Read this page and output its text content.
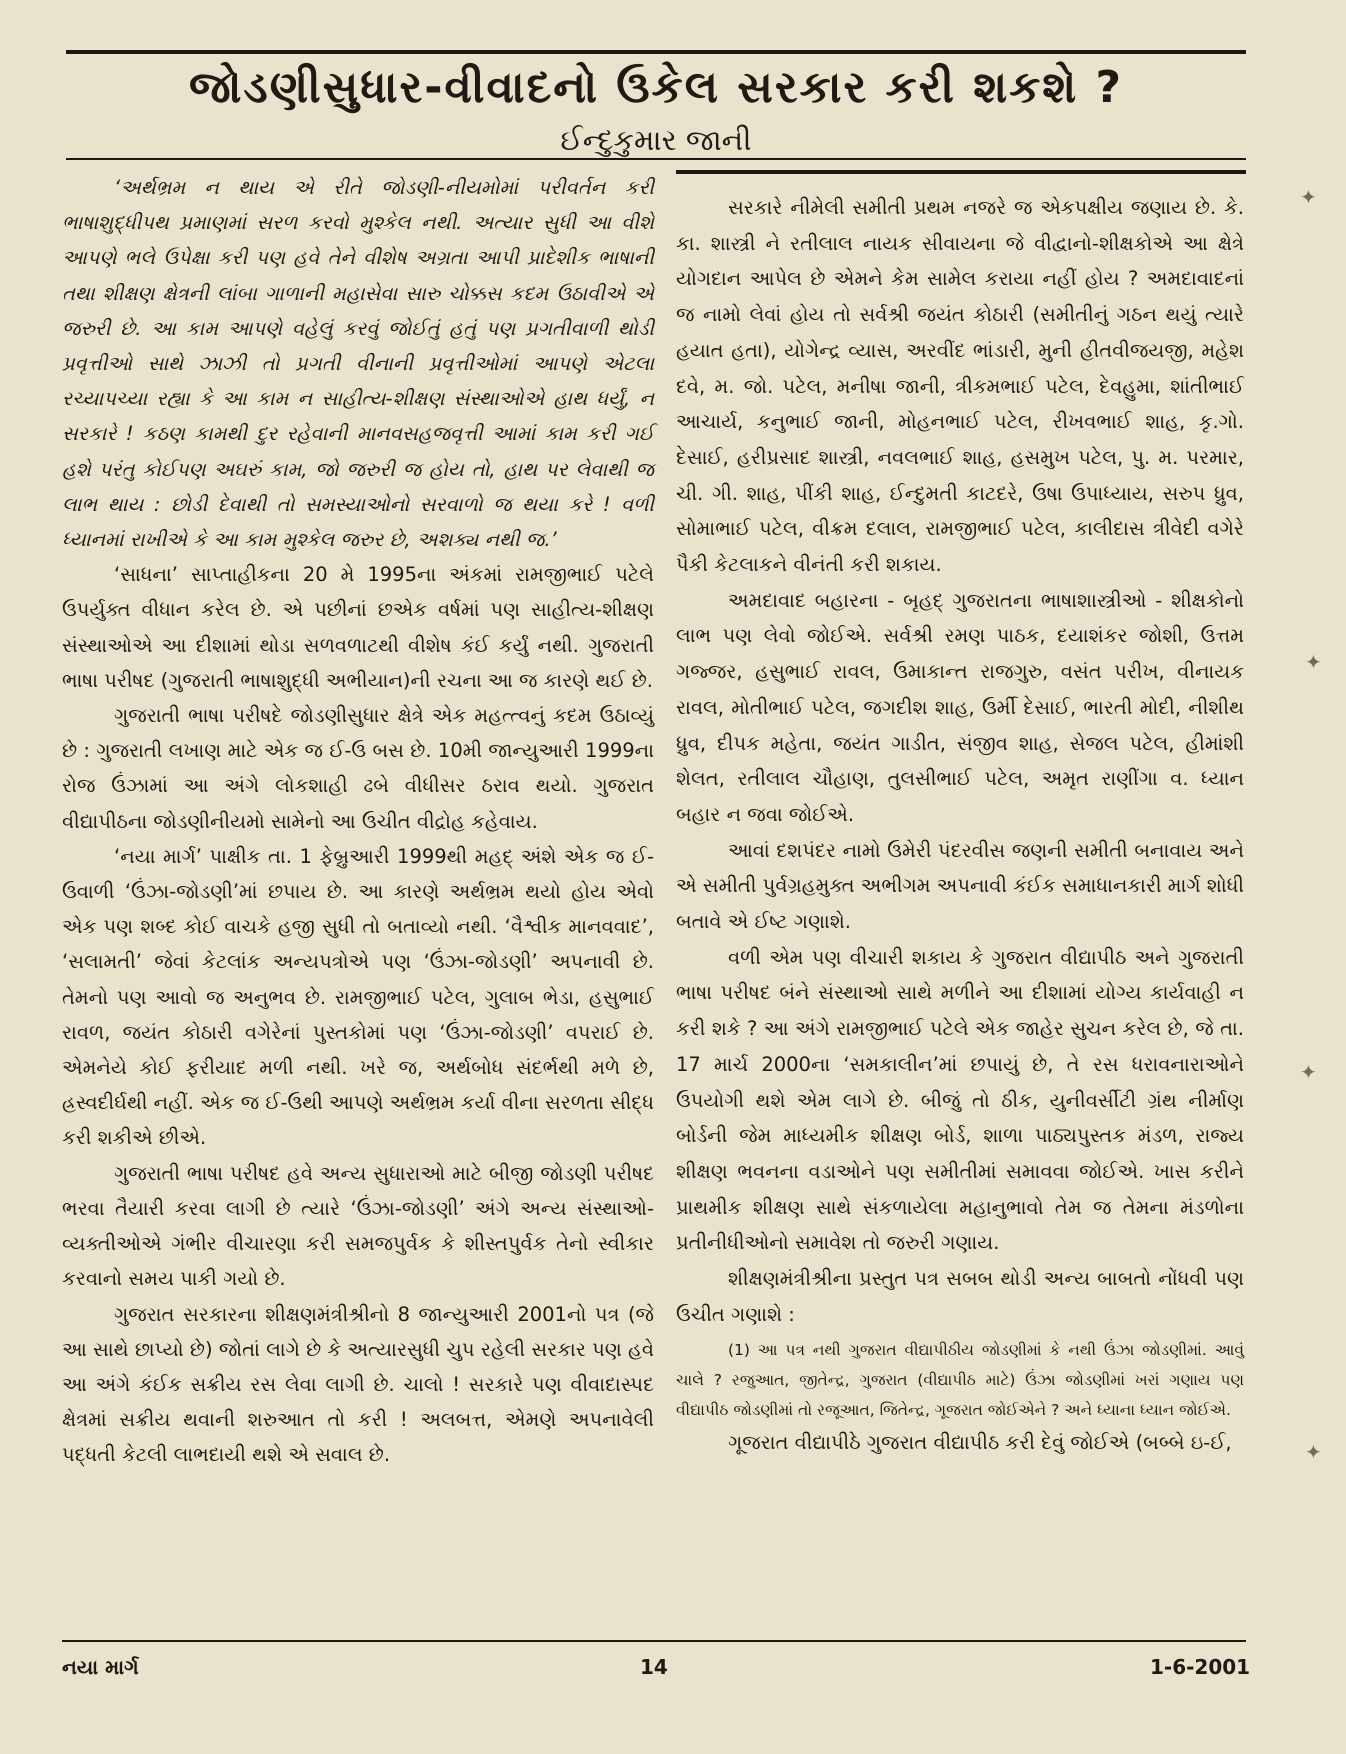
જોડણીસુધાર-વીવાદનો ઉકેલ સરકાર કરી શકશે ?
ઈન્દુકુમાર જાની

‘અર્થભ્રમ ન થાય એ રીતે જોડણી-નીયમોમાં પરીવર્તન કરી ભાષાશુદ્ધીપથ પ્રમાણમાં સરળ કરવો મુશ્કેલ નથી. અત્યાર સુધી આ વીશે આપણે ભલે ઉપેક્ષા કરી પણ હવે તેને વીશેષ અગ્રતા આપી પ્રાદેશીક ભાષાની તથા શીક્ષણ ક્ષેત્રની લાંબા ગાળાની મહાસેવા સારુ ચોક્કસ કદમ ઉઠાવીએ એ જરુરી છે. આ કામ આપણે વહેલું કરવું જોઈતું હતું પણ પ્રગતીવાળી થોડી પ્રવૃત્તીઓ સાથે ઝાઝી તો પ્રગતી વીનાની પ્રવૃત્તીઓમાં આપણે એટલા રચ્યાપચ્યા રહ્યા કે આ કામ ન સાહીત્ય-શીક્ષણ સંસ્થાઓએ હાથ ધર્યું, ન સરકારે ! કઠણ કામથી દુર રહેવાની માનવસહજવૃત્તી આમાં કામ કરી ગઈ હશે પરંતુ કોઈપણ અઘરું કામ, જો જરુરી જ હોય તો, હાથ પર લેવાથી જ લાભ થાય : છોડી દેવાથી તો સમસ્યાઓનો સરવાળો જ થયા કરે ! વળી ધ્યાનમાં રાખીએ કે આ કામ મુશ્કેલ જરુર છે, અશક્ય નથી જ.’

‘સાધના’ સાપ્તાહીકના 20 મે 1995ના અંકમાં રામજીભાઈ પટેલે ઉપર્યુક્ત વીધાન કરેલ છે. એ પછીનાં છએક વર્ષમાં પણ સાહીત્ય-શીક્ષણ સંસ્થાઓએ આ દીશામાં થોડા સળવળાટથી વીશેષ કંઈ કર્યું નથી. ગુજરાતી ભાષા પરીષદ (ગુજરાતી ભાષાશુદ્ધી અભીયાન)ની રચના આ જ કારણે થઈ છે.

ગુજરાતી ભાષા પરીષદે જોડણીસુધાર ક્ષેત્રે એક મહત્ત્વનું કદમ ઉઠાવ્યું છે : ગુજરાતી લખાણ માટે એક જ ઈ-ઉ બસ છે. 10મી જાન્યુઆરી 1999ના રોજ ઉંઝામાં આ અંગે લોકશાહી ઢબે વીધીસર ઠરાવ થયો. ગુજરાત વીદ્યાપીઠના જોડણીનીયમો સામેનો આ ઉચીત વીદ્રોહ કહેવાય.

‘નયા માર્ગ’ પાક્ષીક તા. 1 ફેબ્રુઆરી 1999થી મહદ્ અંશે એક જ ઈ-ઉવાળી ‘ઉંઝા-જોડણી’માં છપાય છે. આ કારણે અર્થભ્રમ થયો હોય એવો એક પણ શબ્દ કોઈ વાચકે હજી સુધી તો બતાવ્યો નથી. ‘વૈશ્વીક માનવવાદ’, ‘સલામતી’ જેવાં કેટલાંક અન્યપત્રોએ પણ ‘ઉંઝા-જોડણી’ અપનાવી છે. તેમનો પણ આવો જ અનુભવ છે. રામજીભાઈ પટેલ, ગુલાબ ભેડા, હસુભાઈ રાવળ, જયંત કોઠારી વગેરેનાં પુસ્તકોમાં પણ ‘ઉંઝા-જોડણી’ વપરાઈ છે. એમનેયે કોઈ ફરીયાદ મળી નથી. ખરે જ, અર્થબોધ સંદર્ભથી મળે છે, હ્રસ્વદીર્ઘથી નહીં. એક જ ઈ-ઉથી આપણે અર્થભ્રમ કર્યા વીના સરળતા સીદ્ધ કરી શકીએ છીએ.

ગુજરાતી ભાષા પરીષદ હવે અન્ય સુધારાઓ માટે બીજી જોડણી પરીષદ ભરવા તૈયારી કરવા લાગી છે ત્યારે ‘ઉંઝા-જોડણી’ અંગે અન્ય સંસ્થાઓ-વ્યક્તીઓએ ગંભીર વીચારણા કરી સમજપુર્વક કે શીસ્તપુર્વક તેનો સ્વીકાર કરવાનો સમય પાકી ગયો છે.

ગુજરાત સરકારના શીક્ષણમંત્રીશ્રીનો 8 જાન્યુઆરી 2001નો પત્ર (જે આ સાથે છાપ્યો છે) જોતાં લાગે છે કે અત્યારસુધી ચુપ રહેલી સરકાર પણ હવે આ અંગે કંઈક સક્રીય રસ લેવા લાગી છે. ચાલો ! સરકારે પણ વીવાદાસ્પદ ક્ષેત્રમાં સક્રીય થવાની શરુઆત તો કરી ! અલબત્ત, એમણે અપનાવેલી પદ્ધતી કેટલી લાભદાયી થશે એ સવાલ છે.

સરકારે નીમેલી સમીતી પ્રથમ નજરે જ એકપક્ષીય જણાય છે. કે. કા. શાસ્ત્રી ને રતીલાલ નાયક સીવાયના જે વીદ્વાનો-શીક્ષકોએ આ ક્ષેત્રે યોગદાન આપેલ છે એમને કેમ સામેલ કરાયા નહીં હોય ? અમદાવાદનાં જ નામો લેવાં હોય તો સર્વશ્રી જયંત કોઠારી (સમીતીનું ગઠન થયું ત્યારે હયાત હતા), યોગેન્દ્ર વ્યાસ, અરવીંદ ભાંડારી, મુની હીતવીજયજી, મહેશ દવે, મ. જો. પટેલ, મનીષા જાની, ત્રીકમભાઈ પટેલ, દેવહુમા, શાંતીભાઈ આચાર્ય, કનુભાઈ જાની, મોહનભાઈ પટેલ, રીખવભાઈ શાહ, કૃ.ગો. દેસાઈ, હરીપ્રસાદ શાસ્ત્રી, નવલભાઈ શાહ, હસમુખ પટેલ, પુ. મ. પરમાર, ચી. ગી. શાહ, પીંકી શાહ, ઈન્દુમતી કાટદરે, ઉષા ઉપાધ્યાય, સરુપ ધ્રુવ, સોમાભાઈ પટેલ, વીક્રમ દલાલ, રામજીભાઈ પટેલ, કાલીદાસ ત્રીવેદી વગેરે પૈકી કેટલાકને વીનંતી કરી શકાય.

અમદાવાદ બહારના - બૃહદ્ ગુજરાતના ભાષાશાસ્ત્રીઓ - શીક્ષકોનો લાભ પણ લેવો જોઈએ. સર્વશ્રી રમણ પાઠક, દયાશંકર જોશી, ઉત્તમ ગજ્જર, હસુભાઈ રાવલ, ઉમાકાન્ત રાજગુરુ, વસંત પરીખ, વીનાયક રાવલ, મોતીભાઈ પટેલ, જગદીશ શાહ, ઉર્મી દેસાઈ, ભારતી મોદી, નીશીથ ધ્રુવ, દીપક મહેતા, જયંત ગાડીત, સંજીવ શાહ, સેજલ પટેલ, હીમાંશી શેલત, રતીલાલ ચૌહાણ, તુલસીભાઈ પટેલ, અમૃત રાણીંગા વ. ધ્યાન બહાર ન જવા જોઈએ.

આવાં દશપંદર નામો ઉમેરી પંદરવીસ જણની સમીતી બનાવાય અને એ સમીતી પુર્વગ્રહમુક્ત અભીગમ અપનાવી કંઈક સમાધાનકારી માર્ગ શોધી બતાવે એ ઈષ્ટ ગણાશે.

વળી એમ પણ વીચારી શકાય કે ગુજરાત વીદ્યાપીઠ અને ગુજરાતી ભાષા પરીષદ બંને સંસ્થાઓ સાથે મળીને આ દીશામાં યોગ્ય કાર્યવાહી ન કરી શકે ? આ અંગે રામજીભાઈ પટેલે એક જાહેર સુચન કરેલ છે, જે તા. 17 માર્ચ 2000ના ‘સમકાલીન’માં છપાયું છે, તે રસ ધરાવનારાઓને ઉપયોગી થશે એમ લાગે છે. બીજું તો ઠીક, યુનીવર્સીટી ગ્રંથ નીર્માણ બોર્ડની જેમ માધ્યમીક શીક્ષણ બોર્ડ, શાળા પાઠ્યપુસ્તક મંડળ, રાજ્ય શીક્ષણ ભવનના વડાઓને પણ સમીતીમાં સમાવવા જોઈએ. ખાસ કરીને પ્રાથમીક શીક્ષણ સાથે સંકળાયેલા મહાનુભાવો તેમ જ તેમના મંડળોના પ્રતીનીધીઓનો સમાવેશ તો જરુરી ગણાય.

શીક્ષણમંત્રીશ્રીના પ્રસ્તુત પત્ર સબબ થોડી અન્ય બાબતો નોંધવી પણ ઉચીત ગણાશે :

(1) આ પત્ર નથી ગુજરાત વીદ્યાપીઠીય જોડણીમાં કે નથી ઉંઝા જોડણીમાં. આવું ચાલે ? રજુઆત, જીતેન્દ્ર, ગુજરાત (વીદ્યાપીઠ માટે) ઉંઝા જોડણીમાં ખરાં ગણાય પણ વીદ્યાપીઠ જોડણીમાં તો રજૂઆત, જિતેન્દ્ર, ગૂજરાત જોઈએને ? અને ધ્યાના ધ્યાન જોઈએ.

ગૂજરાત વીદ્યાપીઠે ગુજરાત વીદ્યાપીઠ કરી દેવું જોઈએ (બબ્બે ઇ-ઈ,

નયા માર્ગ	14	1-6-2001
✦
✦
✦
✦
